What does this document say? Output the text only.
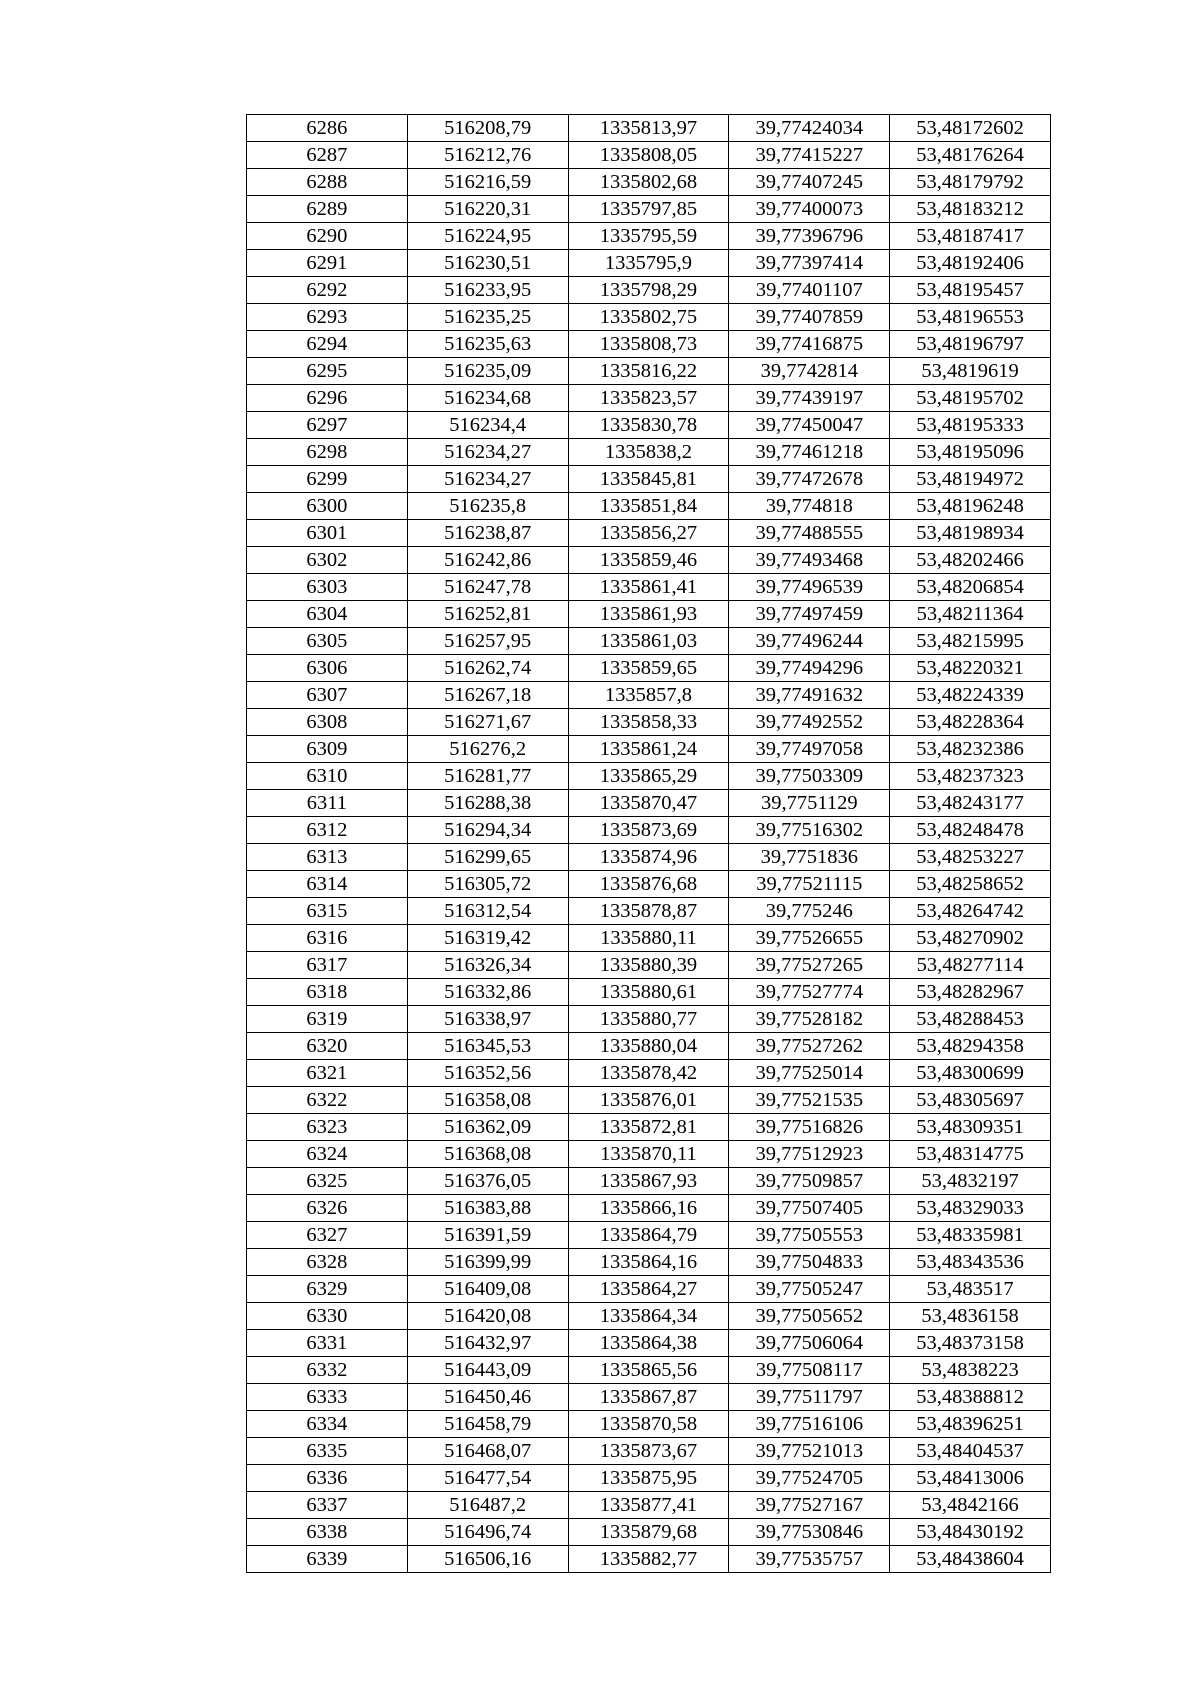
6286	516208,79	1335813,97	39,77424034	53,48172602
6287	516212,76	1335808,05	39,77415227	53,48176264
6288	516216,59	1335802,68	39,77407245	53,48179792
6289	516220,31	1335797,85	39,77400073	53,48183212
6290	516224,95	1335795,59	39,77396796	53,48187417
6291	516230,51	1335795,9	39,77397414	53,48192406
6292	516233,95	1335798,29	39,77401107	53,48195457
6293	516235,25	1335802,75	39,77407859	53,48196553
6294	516235,63	1335808,73	39,77416875	53,48196797
6295	516235,09	1335816,22	39,7742814	53,4819619
6296	516234,68	1335823,57	39,77439197	53,48195702
6297	516234,4	1335830,78	39,77450047	53,48195333
6298	516234,27	1335838,2	39,77461218	53,48195096
6299	516234,27	1335845,81	39,77472678	53,48194972
6300	516235,8	1335851,84	39,774818	53,48196248
6301	516238,87	1335856,27	39,77488555	53,48198934
6302	516242,86	1335859,46	39,77493468	53,48202466
6303	516247,78	1335861,41	39,77496539	53,48206854
6304	516252,81	1335861,93	39,77497459	53,48211364
6305	516257,95	1335861,03	39,77496244	53,48215995
6306	516262,74	1335859,65	39,77494296	53,48220321
6307	516267,18	1335857,8	39,77491632	53,48224339
6308	516271,67	1335858,33	39,77492552	53,48228364
6309	516276,2	1335861,24	39,77497058	53,48232386
6310	516281,77	1335865,29	39,77503309	53,48237323
6311	516288,38	1335870,47	39,7751129	53,48243177
6312	516294,34	1335873,69	39,77516302	53,48248478
6313	516299,65	1335874,96	39,7751836	53,48253227
6314	516305,72	1335876,68	39,77521115	53,48258652
6315	516312,54	1335878,87	39,775246	53,48264742
6316	516319,42	1335880,11	39,77526655	53,48270902
6317	516326,34	1335880,39	39,77527265	53,48277114
6318	516332,86	1335880,61	39,77527774	53,48282967
6319	516338,97	1335880,77	39,77528182	53,48288453
6320	516345,53	1335880,04	39,77527262	53,48294358
6321	516352,56	1335878,42	39,77525014	53,48300699
6322	516358,08	1335876,01	39,77521535	53,48305697
6323	516362,09	1335872,81	39,77516826	53,48309351
6324	516368,08	1335870,11	39,77512923	53,48314775
6325	516376,05	1335867,93	39,77509857	53,4832197
6326	516383,88	1335866,16	39,77507405	53,48329033
6327	516391,59	1335864,79	39,77505553	53,48335981
6328	516399,99	1335864,16	39,77504833	53,48343536
6329	516409,08	1335864,27	39,77505247	53,483517
6330	516420,08	1335864,34	39,77505652	53,4836158
6331	516432,97	1335864,38	39,77506064	53,48373158
6332	516443,09	1335865,56	39,77508117	53,4838223
6333	516450,46	1335867,87	39,77511797	53,48388812
6334	516458,79	1335870,58	39,77516106	53,48396251
6335	516468,07	1335873,67	39,77521013	53,48404537
6336	516477,54	1335875,95	39,77524705	53,48413006
6337	516487,2	1335877,41	39,77527167	53,4842166
6338	516496,74	1335879,68	39,77530846	53,48430192
6339	516506,16	1335882,77	39,77535757	53,48438604
